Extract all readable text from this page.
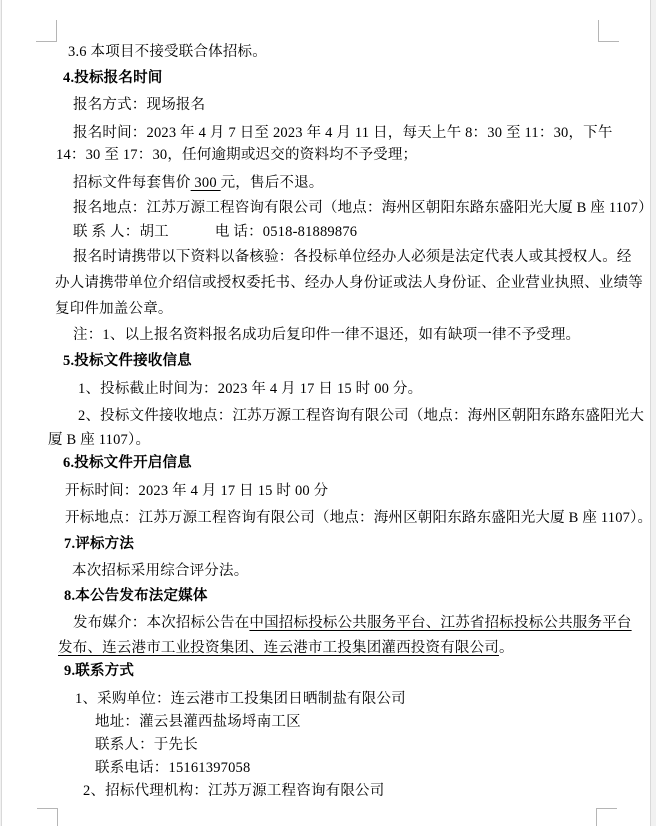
3.6 本项目不接受联合体招标。
4.投标报名时间
报名方式：现场报名
报名时间：2023 年 4 月 7 日至 2023 年 4 月 11 日，每天上午 8：30 至 11：30，下午
14：30 至 17：30，任何逾期或迟交的资料均不予受理；
招标文件每套售价 300 元，售后不退。
报名地点：江苏万源工程咨询有限公司（地点：海州区朝阳东路东盛阳光大厦 B 座 1107）
联 系 人：胡工	电 话：0518-81889876
报名时请携带以下资料以备核验：各投标单位经办人必须是法定代表人或其授权人。经
办人请携带单位介绍信或授权委托书、经办人身份证或法人身份证、企业营业执照、业绩等
复印件加盖公章。
注：1、以上报名资料报名成功后复印件一律不退还，如有缺项一律不予受理。
5.投标文件接收信息
1、投标截止时间为：2023 年 4 月 17 日 15 时 00 分。
2、投标文件接收地点：江苏万源工程咨询有限公司（地点：海州区朝阳东路东盛阳光大
厦 B 座 1107）。
6.投标文件开启信息
开标时间：2023 年 4 月 17 日 15 时 00 分
开标地点：江苏万源工程咨询有限公司（地点：海州区朝阳东路东盛阳光大厦 B 座 1107）。
7.评标方法
本次招标采用综合评分法。
8.本公告发布法定媒体
发布媒介：本次招标公告在中国招标投标公共服务平台、江苏省招标投标公共服务平台
发布、连云港市工业投资集团、连云港市工投集团灌西投资有限公司。
9.联系方式
1、采购单位：连云港市工投集团日晒制盐有限公司
地址：灌云县灌西盐场埒南工区
联系人：于先长
联系电话：15161397058
2、招标代理机构：江苏万源工程咨询有限公司
